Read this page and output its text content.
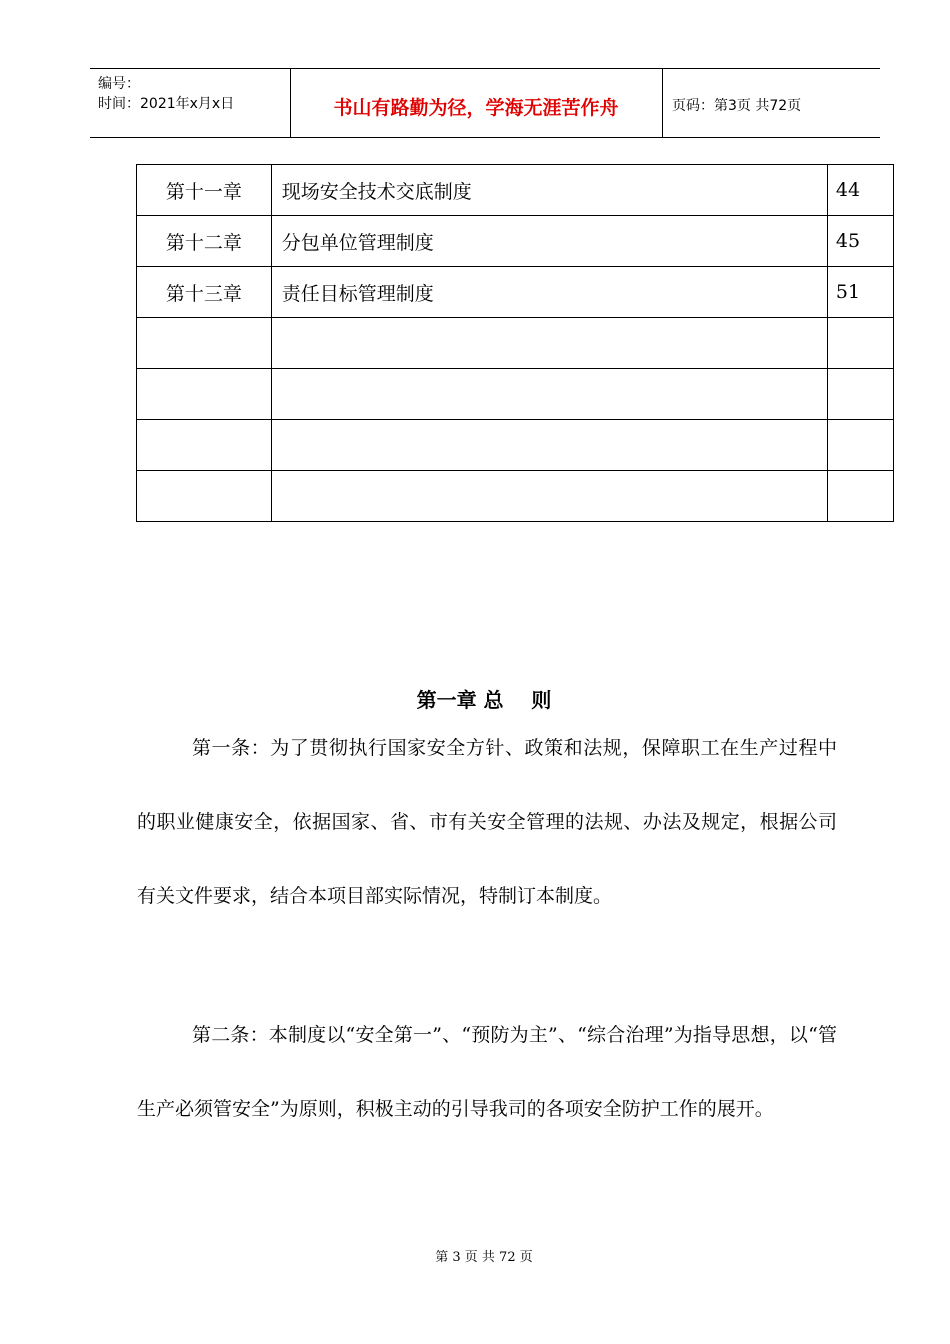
编号：
时间：2021年x月x日	书山有路勤为径，学海无涯苦作舟	页码：第3页 共72页
第十一章	现场安全技术交底制度	44
第十二章	分包单位管理制度	45
第十三章	责任目标管理制度	51

第一章 总    则
第一条：为了贯彻执行国家安全方针、政策和法规，保障职工在生产过程中的职业健康安全，依据国家、省、市有关安全管理的法规、办法及规定，根据公司有关文件要求，结合本项目部实际情况，特制订本制度。
第二条：本制度以“安全第一”、“预防为主”、“综合治理”为指导思想，以“管生产必须管安全”为原则，积极主动的引导我司的各项安全防护工作的展开。
第 3 页 共 72 页
